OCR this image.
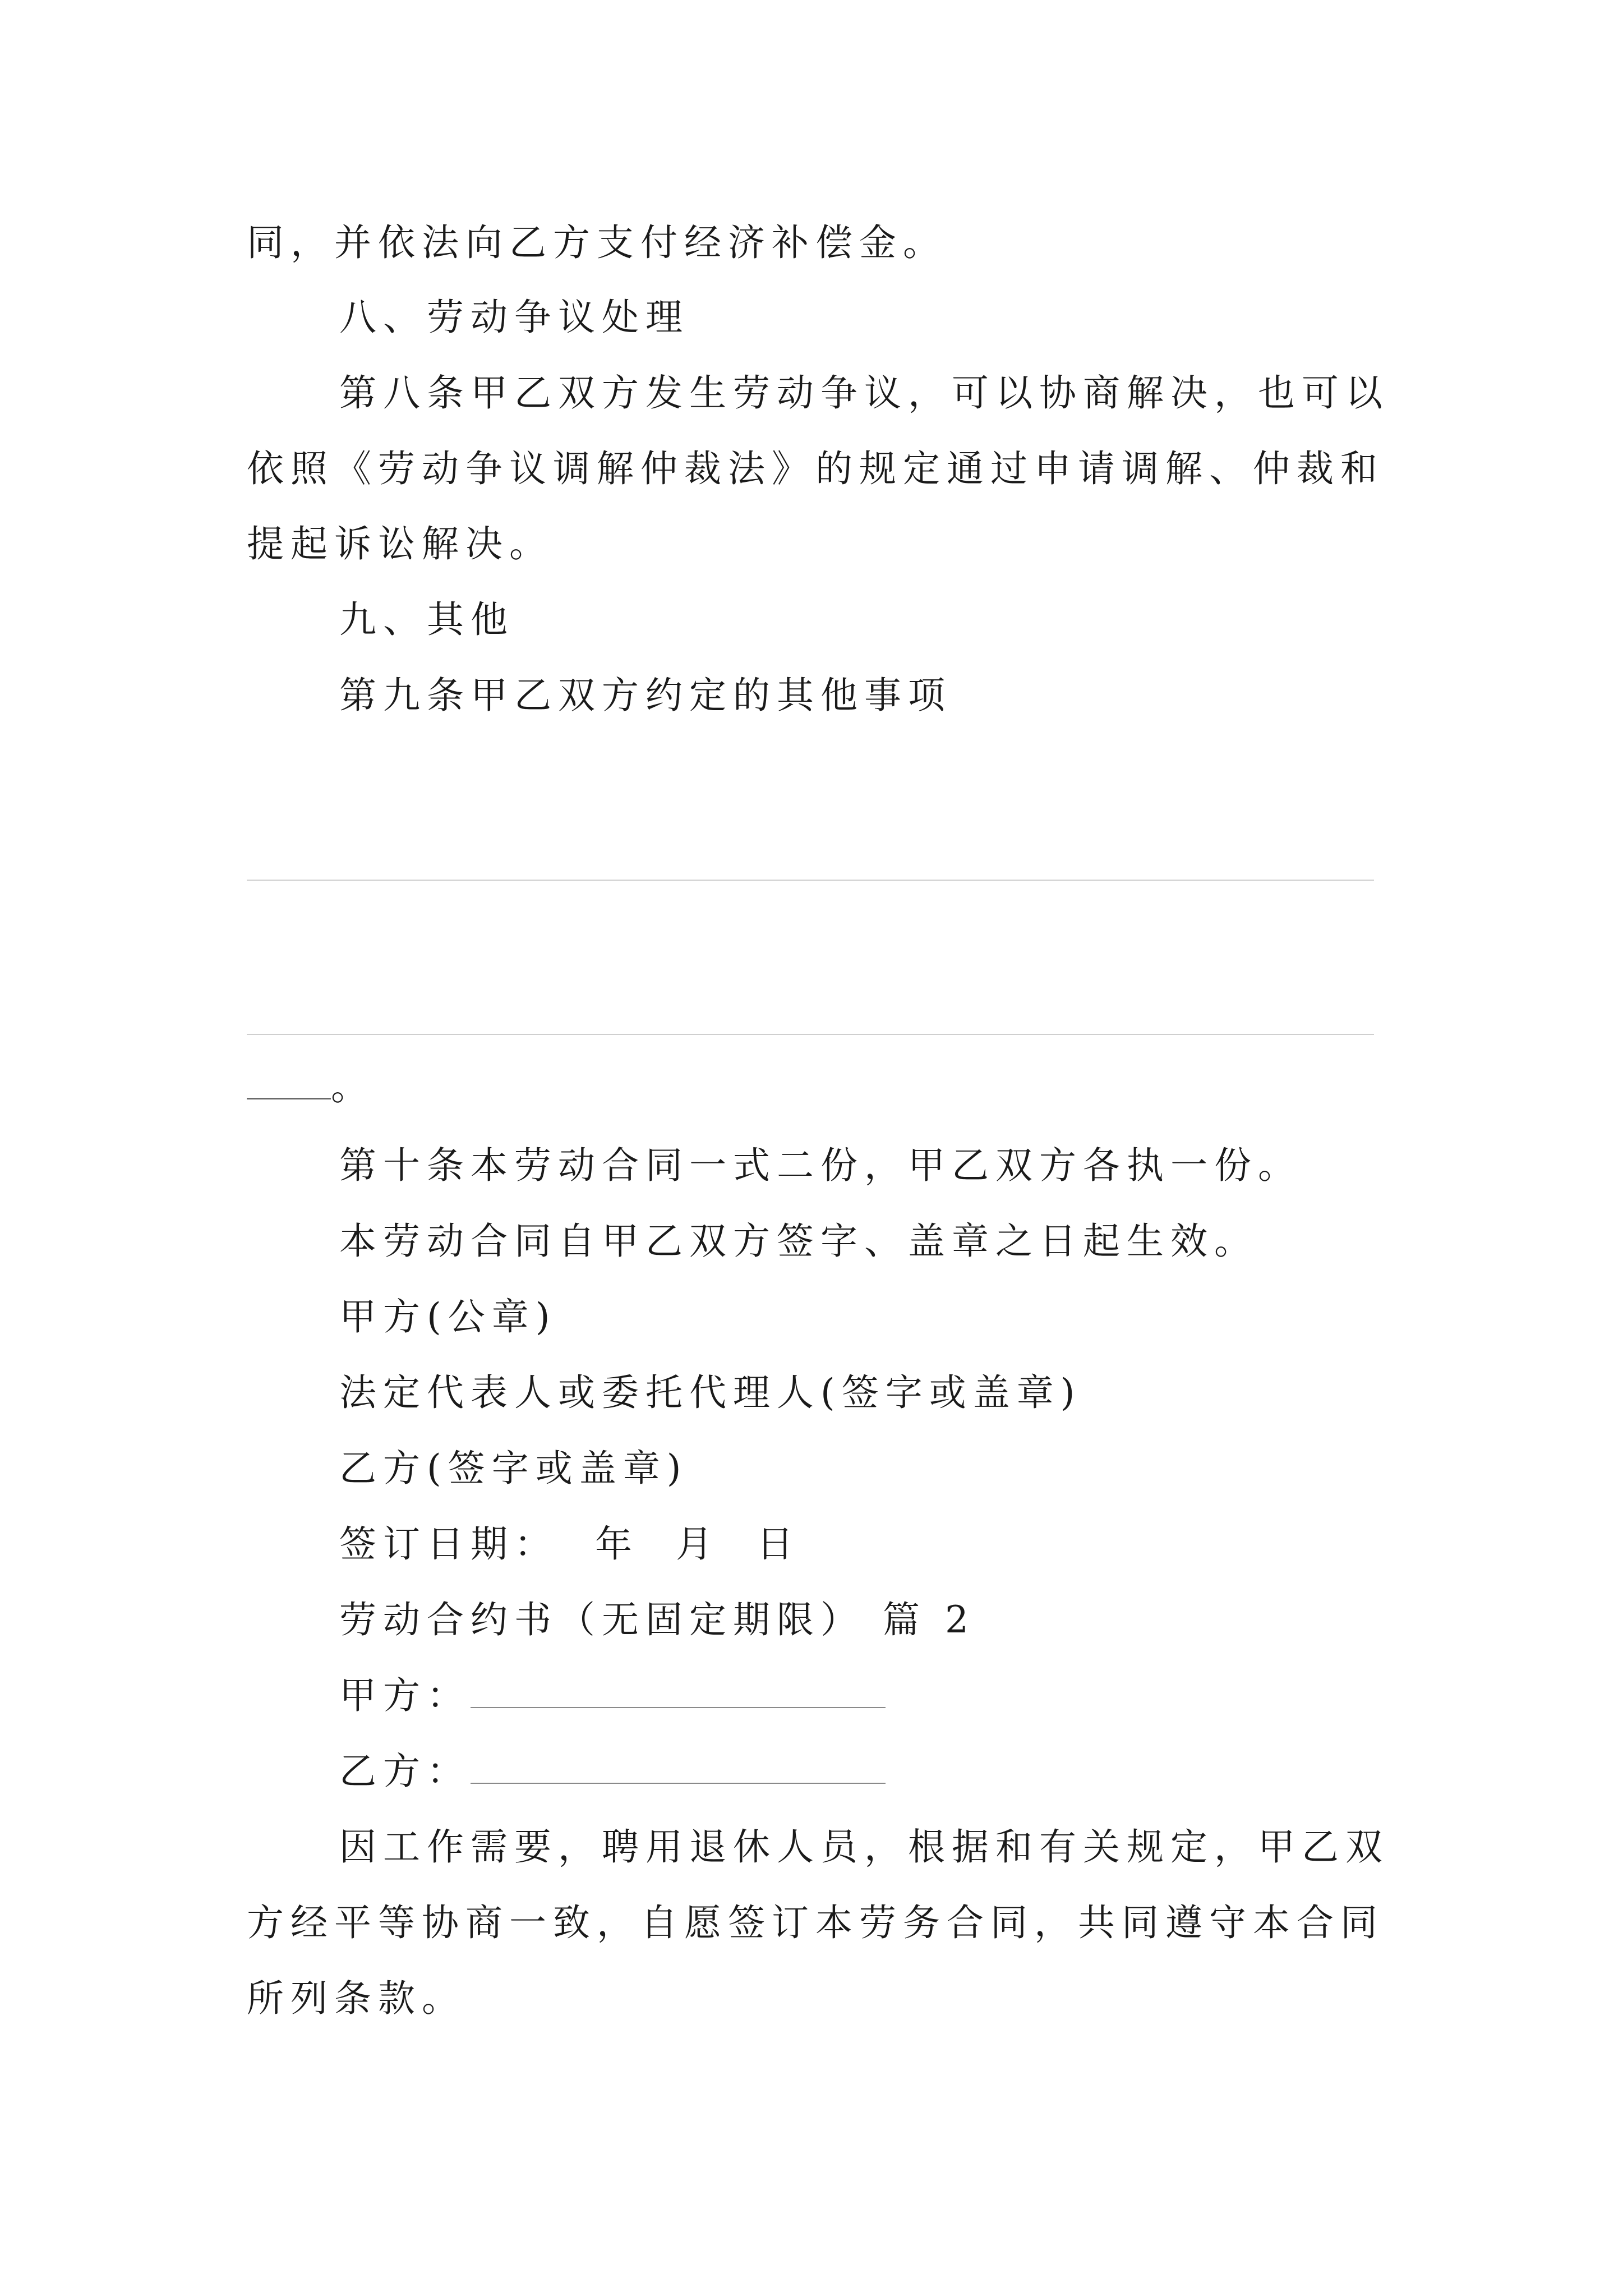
同，并依法向乙方支付经济补偿金。

八、劳动争议处理

第八条甲乙双方发生劳动争议，可以协商解决，也可以

依照《劳动争议调解仲裁法》的规定通过申请调解、仲裁和

提起诉讼解决。

九、其他

第九条甲乙双方约定的其他事项

。

第十条本劳动合同一式二份，甲乙双方各执一份。

本劳动合同自甲乙双方签字、盖章之日起生效。

甲方(公章)

法定代表人或委托代理人(签字或盖章)

乙方(签字或盖章)

签订日期：  年  月  日

劳动合约书（无固定期限） 篇 2

甲方：

乙方：

因工作需要，聘用退休人员，根据和有关规定，甲乙双

方经平等协商一致，自愿签订本劳务合同，共同遵守本合同

所列条款。
